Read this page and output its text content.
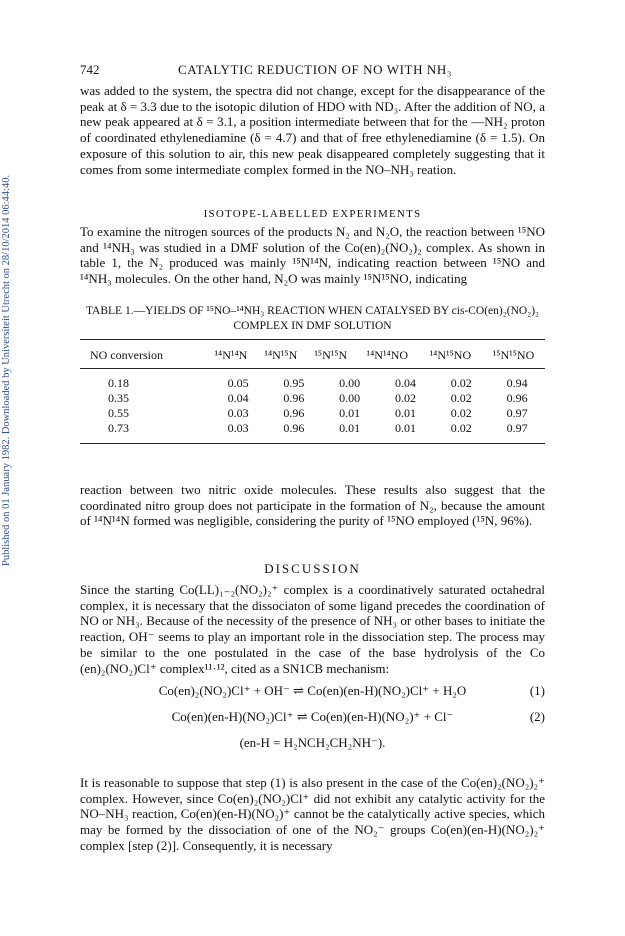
Published on 01 January 1982. Downloaded by Universiteit Utrecht on 28/10/2014 06:44:40.
742	CATALYTIC REDUCTION OF NO WITH NH₃

was added to the system, the spectra did not change, except for the disappearance of the peak at δ = 3.3 due to the isotopic dilution of HDO with ND₃. After the addition of NO, a new peak appeared at δ = 3.1, a position intermediate between that for the —NH₂ proton of coordinated ethylenediamine (δ = 4.7) and that of free ethylenediamine (δ = 1.5). On exposure of this solution to air, this new peak disappeared completely suggesting that it comes from some intermediate complex formed in the NO–NH₃ reation.

ISOTOPE-LABELLED EXPERIMENTS

To examine the nitrogen sources of the products N₂ and N₂O, the reaction between ¹⁵NO and ¹⁴NH₃ was studied in a DMF solution of the Co(en)₂(NO₂)₂ complex. As shown in table 1, the N₂ produced was mainly ¹⁵N¹⁴N, indicating reaction between ¹⁵NO and ¹⁴NH₃ molecules. On the other hand, N₂O was mainly ¹⁵N¹⁵NO, indicating

TABLE 1.—YIELDS OF ¹⁵NO–¹⁴NH₃ REACTION WHEN CATALYSED BY cis-CO(en)₂(NO₂)₂
COMPLEX IN DMF SOLUTION

NO conversion	¹⁴N¹⁴N	¹⁴N¹⁵N	¹⁵N¹⁵N	¹⁴N¹⁴NO	¹⁴N¹⁵NO	¹⁵N¹⁵NO
0.18	0.05	0.95	0.00	0.04	0.02	0.94
0.35	0.04	0.96	0.00	0.02	0.02	0.96
0.55	0.03	0.96	0.01	0.01	0.02	0.97
0.73	0.03	0.96	0.01	0.01	0.02	0.97

reaction between two nitric oxide molecules. These results also suggest that the coordinated nitro group does not participate in the formation of N₂, because the amount of ¹⁴N¹⁴N formed was negligible, considering the purity of ¹⁵NO employed (¹⁵N, 96%).

DISCUSSION

Since the starting Co(LL)₁₋₂(NO₂)₂⁺ complex is a coordinatively saturated octahedral complex, it is necessary that the dissociaton of some ligand precedes the coordination of NO or NH₃. Because of the necessity of the presence of NH₃ or other bases to initiate the reaction, OH⁻ seems to play an important role in the dissociation step. The process may be similar to the one postulated in the case of the base hydrolysis of the Co (en)₂(NO₂)Cl⁺ complex¹¹·¹², cited as a SN1CB mechanism:

Co(en)₂(NO₂)Cl⁺ + OH⁻ ⇌ Co(en)(en-H)(NO₂)Cl⁺ + H₂O	(1)
Co(en)(en-H)(NO₂)Cl⁺ ⇌ Co(en)(en-H)(NO₂)⁺ + Cl⁻	(2)
(en-H = H₂NCH₂CH₂NH⁻).

It is reasonable to suppose that step (1) is also present in the case of the Co(en)₂(NO₂)₂⁺ complex. However, since Co(en)₂(NO₂)Cl⁺ did not exhibit any catalytic activity for the NO–NH₃ reaction, Co(en)(en-H)(NO₂)⁺ cannot be the catalytically active species, which may be formed by the dissociation of one of the NO₂⁻ groups Co(en)(en-H)(NO₂)₂⁺ complex [step (2)]. Consequently, it is necessary
